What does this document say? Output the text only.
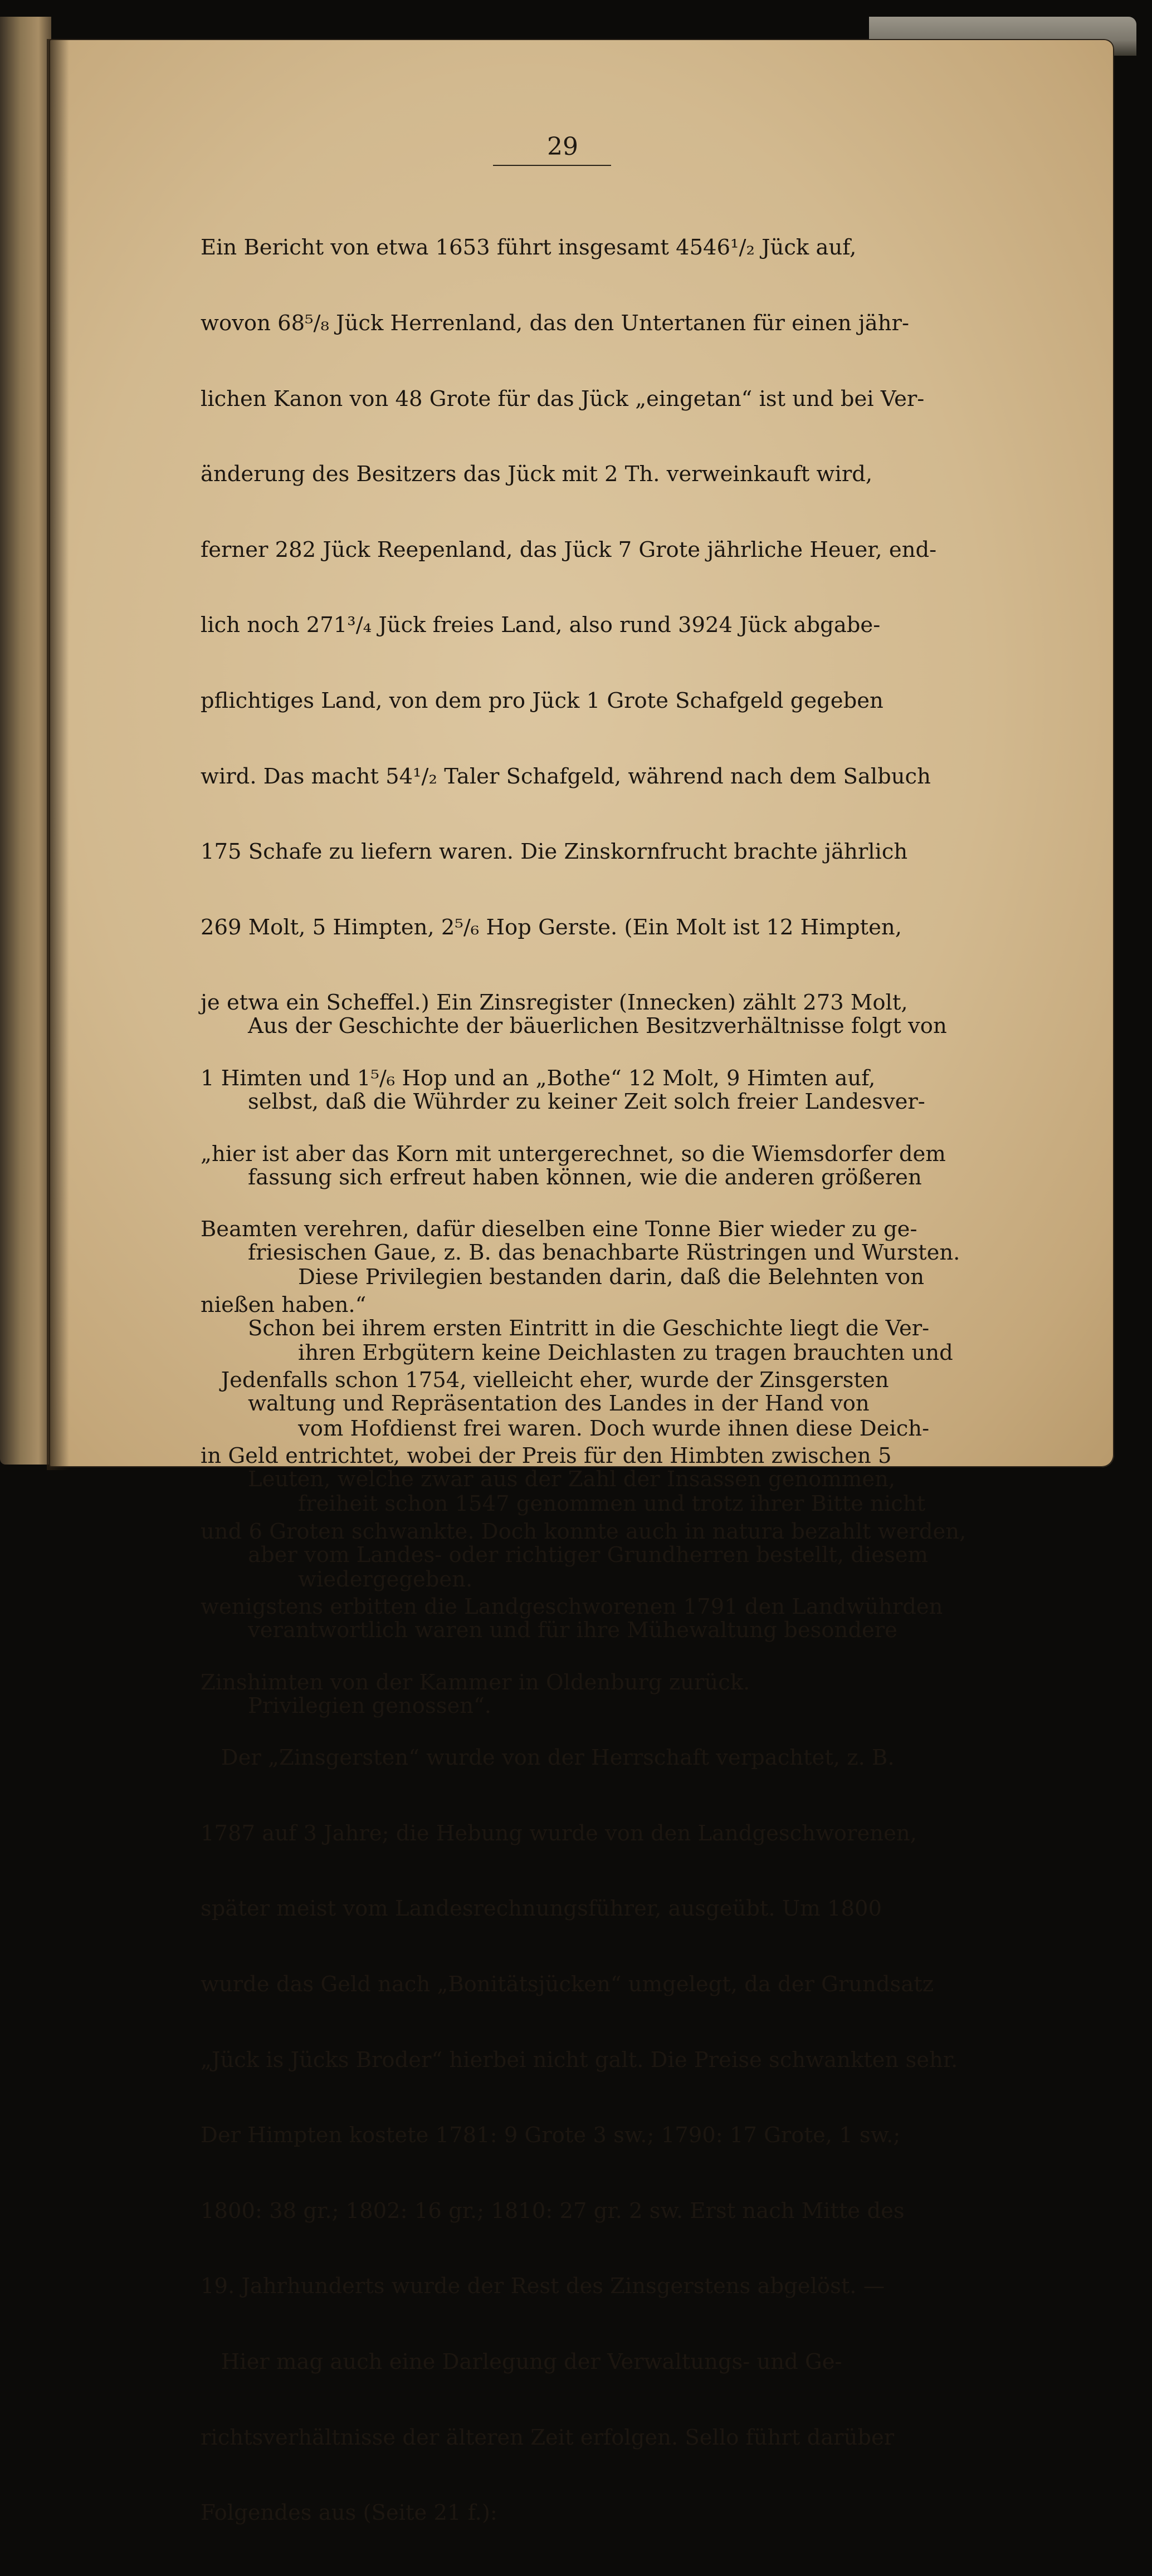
29

Ein Bericht von etwa 1653 führt insgesamt 4546¹/₂ Jück auf,

wovon 68⁵/₈ Jück Herrenland, das den Untertanen für einen jähr-

lichen Kanon von 48 Grote für das Jück „eingetan“ ist und bei Ver-

änderung des Besitzers das Jück mit 2 Th. verweinkauft wird,

ferner 282 Jück Reepenland, das Jück 7 Grote jährliche Heuer, end-

lich noch 271³/₄ Jück freies Land, also rund 3924 Jück abgabe-

pflichtiges Land, von dem pro Jück 1 Grote Schafgeld gegeben

wird. Das macht 54¹/₂ Taler Schafgeld, während nach dem Salbuch

175 Schafe zu liefern waren. Die Zinskornfrucht brachte jährlich

269 Molt, 5 Himpten, 2⁵/₆ Hop Gerste. (Ein Molt ist 12 Himpten,

je etwa ein Scheffel.) Ein Zinsregister (Innecken) zählt 273 Molt,

1 Himten und 1⁵/₆ Hop und an „Bothe“ 12 Molt, 9 Himten auf,

„hier ist aber das Korn mit untergerechnet, so die Wiemsdorfer dem

Beamten verehren, dafür dieselben eine Tonne Bier wieder zu ge-

nießen haben.“

Jedenfalls schon 1754, vielleicht eher, wurde der Zinsgersten

in Geld entrichtet, wobei der Preis für den Himbten zwischen 5

und 6 Groten schwankte. Doch konnte auch in natura bezahlt werden,

wenigstens erbitten die Landgeschworenen 1791 den Landwührden

Zinshimten von der Kammer in Oldenburg zurück.

Der „Zinsgersten“ wurde von der Herrschaft verpachtet, z. B.

1787 auf 3 Jahre; die Hebung wurde von den Landgeschworenen,

später meist vom Landesrechnungsführer, ausgeübt. Um 1800

wurde das Geld nach „Bonitätsjücken“ umgelegt, da der Grundsatz

„Jück is Jücks Broder“ hierbei nicht galt. Die Preise schwankten sehr.

Der Himpten kostete 1781: 9 Grote 3 sw.; 1790: 17 Grote, 1 sw.;

1800: 38 gr.; 1802: 16 gr.; 1810: 27 gr. 2 sw. Erst nach Mitte des

19. Jahrhunderts wurde der Rest des Zinsgerstens abgelöst. —

Hier mag auch eine Darlegung der Verwaltungs- und Ge-

richtsverhältnisse der älteren Zeit erfolgen. Sello führt darüber

Folgendes aus (Seite 21 f.):

Aus der Geschichte der bäuerlichen Besitzverhältnisse folgt von

selbst, daß die Wührder zu keiner Zeit solch freier Landesver-

fassung sich erfreut haben können, wie die anderen größeren

friesischen Gaue, z. B. das benachbarte Rüstringen und Wursten.

Schon bei ihrem ersten Eintritt in die Geschichte liegt die Ver-

waltung und Repräsentation des Landes in der Hand von

Leuten, welche zwar aus der Zahl der Insassen genommen,

aber vom Landes- oder richtiger Grundherren bestellt, diesem

verantwortlich waren und für ihre Mühewaltung besondere

Privilegien genossen“.

Diese Privilegien bestanden darin, daß die Belehnten von

ihren Erbgütern keine Deichlasten zu tragen brauchten und

vom Hofdienst frei waren. Doch wurde ihnen diese Deich-

freiheit schon 1547 genommen und trotz ihrer Bitte nicht

wiedergegeben.
